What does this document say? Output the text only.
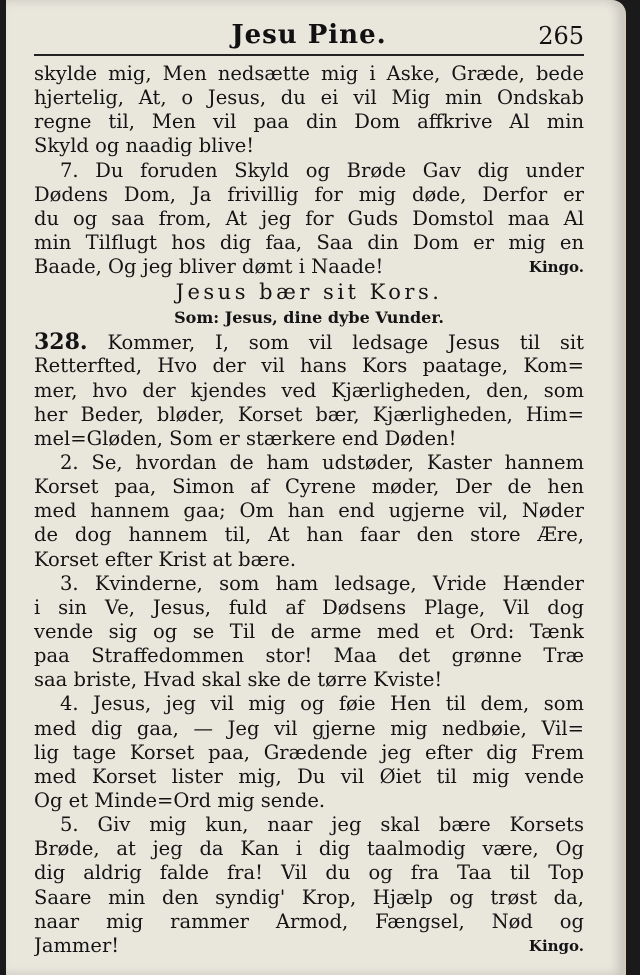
Jesu Pine.	265
skylde mig, Men nedsætte mig i Aske, Græde, bede
hjertelig, At, o Jesus, du ei vil Mig min Ondskab
regne til, Men vil paa din Dom affkrive Al min
Skyld og naadig blive!
7. Du foruden Skyld og Brøde Gav dig under
Dødens Dom, Ja frivillig for mig døde, Derfor er
du og saa from, At jeg for Guds Domstol maa Al
min Tilflugt hos dig faa, Saa din Dom er mig en
Baade, Og jeg bliver dømt i Naade!	Kingo.
Jesus bær sit Kors.
Som: Jesus, dine dybe Vunder.
328. Kommer, I, som vil ledsage Jesus til sit
Retterfted, Hvo der vil hans Kors paatage, Kom=
mer, hvo der kjendes ved Kjærligheden, den, som
her Beder, bløder, Korset bær, Kjærligheden, Him=
mel=Gløden, Som er stærkere end Døden!
2. Se, hvordan de ham udstøder, Kaster hannem
Korset paa, Simon af Cyrene møder, Der de hen
med hannem gaa; Om han end ugjerne vil, Nøder
de dog hannem til, At han faar den store Ære,
Korset efter Krist at bære.
3. Kvinderne, som ham ledsage, Vride Hænder
i sin Ve, Jesus, fuld af Dødsens Plage, Vil dog
vende sig og se Til de arme med et Ord: Tænk
paa Straffedommen stor! Maa det grønne Træ
saa briste, Hvad skal ske de tørre Kviste!
4. Jesus, jeg vil mig og føie Hen til dem, som
med dig gaa, — Jeg vil gjerne mig nedbøie, Vil=
lig tage Korset paa, Grædende jeg efter dig Frem
med Korset lister mig, Du vil Øiet til mig vende
Og et Minde=Ord mig sende.
5. Giv mig kun, naar jeg skal bære Korsets
Brøde, at jeg da Kan i dig taalmodig være, Og
dig aldrig falde fra! Vil du og fra Taa til Top
Saare min den syndig' Krop, Hjælp og trøst da,
naar mig rammer Armod, Fængsel, Nød og
Jammer!	Kingo.
